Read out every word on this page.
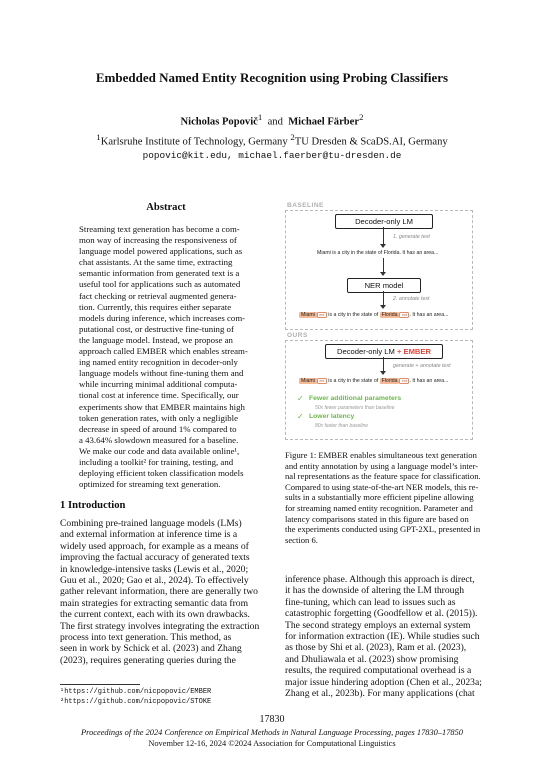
Embedded Named Entity Recognition using Probing Classifiers
Nicholas Popovič$^1$ and Michael Färber$^2$
$^1$Karlsruhe Institute of Technology, Germany $^2$TU Dresden & ScaDS.AI, Germany
popovic@kit.edu, michael.faerber@tu-dresden.de
Abstract
Streaming text generation has become a com-
mon way of increasing the responsiveness of
language model powered applications, such as
chat assistants. At the same time, extracting
semantic information from generated text is a
useful tool for applications such as automated
fact checking or retrieval augmented genera-
tion. Currently, this requires either separate
models during inference, which increases com-
putational cost, or destructive fine-tuning of
the language model. Instead, we propose an
approach called EMBER which enables stream-
ing named entity recognition in decoder-only
language models without fine-tuning them and
while incurring minimal additional computa-
tional cost at inference time. Specifically, our
experiments show that EMBER maintains high
token generation rates, with only a negligible
decrease in speed of around 1% compared to
a 43.64% slowdown measured for a baseline.
We make our code and data available online¹,
including a toolkit² for training, testing, and
deploying efficient token classification models
optimized for streaming text generation.
1 Introduction
Combining pre-trained language models (LMs)
and external information at inference time is a
widely used approach, for example as a means of
improving the factual accuracy of generated texts
in knowledge-intensive tasks (Lewis et al., 2020;
Guu et al., 2020; Gao et al., 2024). To effectively
gather relevant information, there are generally two
main strategies for extracting semantic data from
the current context, each with its own drawbacks.
The first strategy involves integrating the extraction
process into text generation. This method, as
seen in work by Schick et al. (2023) and Zhang
(2023), requires generating queries during the
¹https://github.com/nicpopovic/EMBER
²https://github.com/nicpopovic/STOKE
BASELINE
Decoder-only LM
1. generate text
Miami is a city in the state of Florida. It has an area...
NER model
2. annotate text
Miami ent is a city in the state of Florida ent . It has an area...
OURS
Decoder-only LM + EMBER
generate + annotate text
Miami ent is a city in the state of Florida ent . It has an area...
✓ Fewer additional parameters
50x fewer parameters than baseline
✓ Lower latency
80x faster than baseline
Figure 1: EMBER enables simultaneous text generation
and entity annotation by using a language model’s inter-
nal representations as the feature space for classification.
Compared to using state-of-the-art NER models, this re-
sults in a substantially more efficient pipeline allowing
for streaming named entity recognition. Parameter and
latency comparisons stated in this figure are based on
the experiments conducted using GPT-2XL, presented in
section 6.
inference phase. Although this approach is direct,
it has the downside of altering the LM through
fine-tuning, which can lead to issues such as
catastrophic forgetting (Goodfellow et al. (2015)).
The second strategy employs an external system
for information extraction (IE). While studies such
as those by Shi et al. (2023), Ram et al. (2023),
and Dhuliawala et al. (2023) show promising
results, the required computational overhead is a
major issue hindering adoption (Chen et al., 2023a;
Zhang et al., 2023b). For many applications (chat
17830
Proceedings of the 2024 Conference on Empirical Methods in Natural Language Processing, pages 17830–17850
November 12-16, 2024 ©2024 Association for Computational Linguistics
